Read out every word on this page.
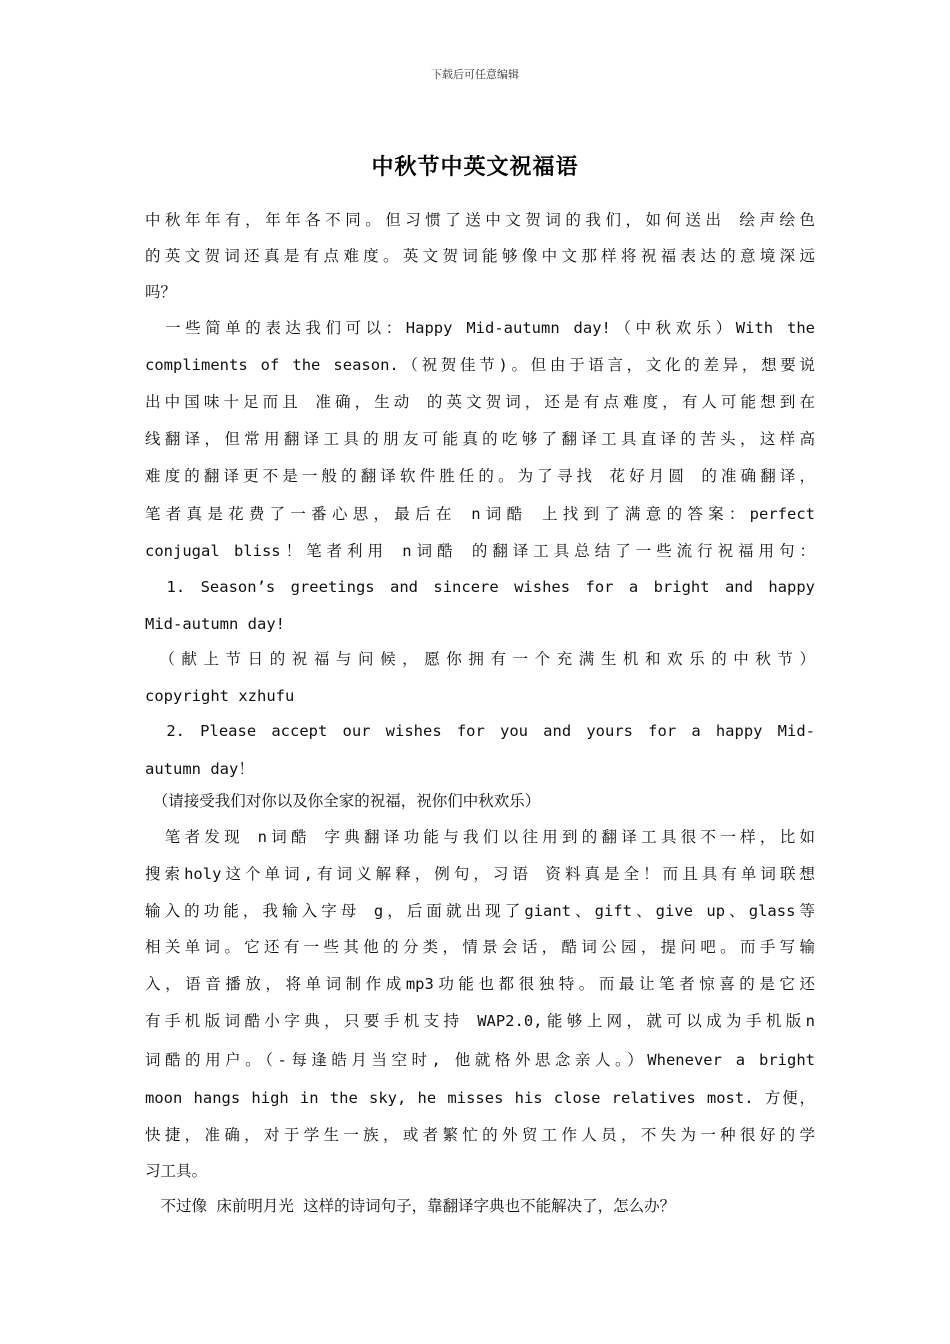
下载后可任意编辑
中秋节中英文祝福语
中秋年年有，年年各不同。但习惯了送中文贺词的我们，如何送出 绘声绘色
的英文贺词还真是有点难度。英文贺词能够像中文那样将祝福表达的意境深远
吗？
　一些简单的表达我们可以：Happy Mid-autumn day!（中秋欢乐）With the
compliments of the season.（祝贺佳节)。但由于语言，文化的差异，想要说
出中国味十足而且 准确，生动 的英文贺词，还是有点难度，有人可能想到在
线翻译，但常用翻译工具的朋友可能真的吃够了翻译工具直译的苦头，这样高
难度的翻译更不是一般的翻译软件胜任的。为了寻找 花好月圆 的准确翻译，
笔者真是花费了一番心思，最后在 n词酷 上找到了满意的答案：perfect
conjugal bliss！笔者利用 n词酷 的翻译工具总结了一些流行祝福用句：
　1. Season’s greetings and sincere wishes for a bright and happy
Mid-autumn day!
　（献上节日的祝福与问候，愿你拥有一个充满生机和欢乐的中秋节）
copyright xzhufu
　2. Please accept our wishes for you and yours for a happy Mid-
autumn day！
　（请接受我们对你以及你全家的祝福，祝你们中秋欢乐）
　笔者发现 n词酷 字典翻译功能与我们以往用到的翻译工具很不一样，比如
搜索holy这个单词,有词义解释，例句，习语 资料真是全！而且具有单词联想
输入的功能，我输入字母 g，后面就出现了giant、gift、give up、glass等
相关单词。它还有一些其他的分类，情景会话，酷词公园，提问吧。而手写输
入，语音播放，将单词制作成mp3功能也都很独特。而最让笔者惊喜的是它还
有手机版词酷小字典，只要手机支持 WAP2.0,能够上网，就可以成为手机版n
词酷的用户。（-每逢皓月当空时, 他就格外思念亲人。）Whenever a bright
moon hangs high in the sky, he misses his close relatives most. 方便，
快捷，准确，对于学生一族，或者繁忙的外贸工作人员，不失为一种很好的学
习工具。
　不过像 床前明月光 这样的诗词句子，靠翻译字典也不能解决了，怎么办？
